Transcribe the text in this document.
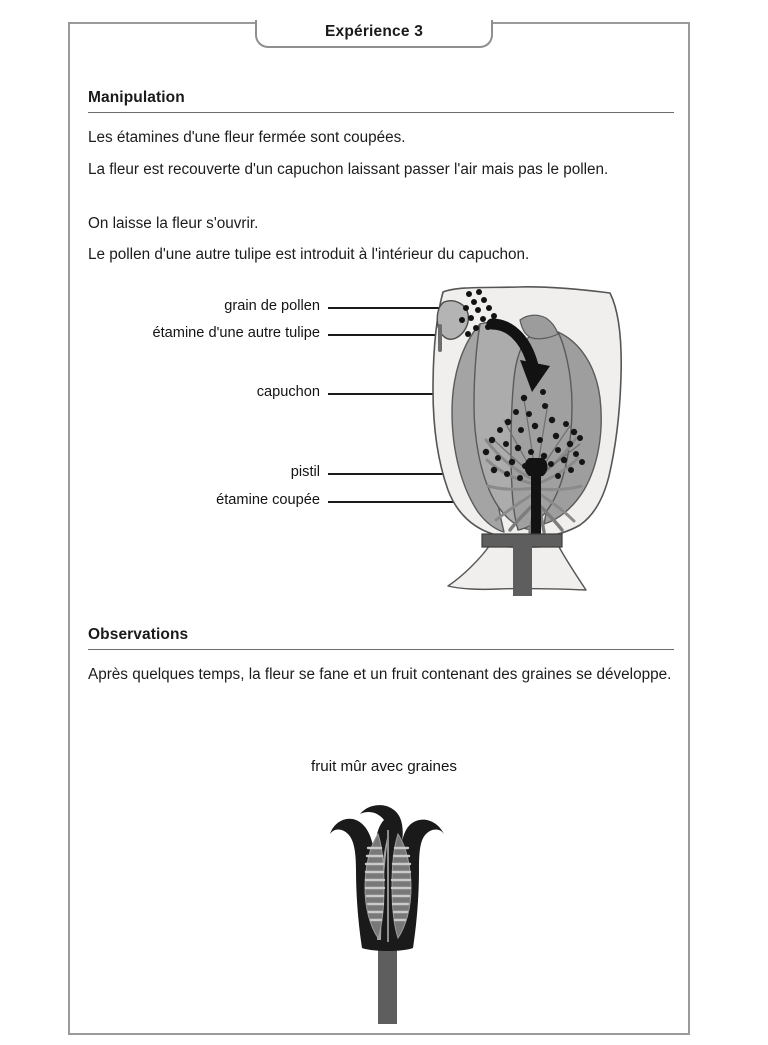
Expérience 3
Manipulation
Les étamines d'une fleur fermée sont coupées.
La fleur est recouverte d'un capuchon laissant passer l'air mais pas le pollen.
On laisse la fleur s'ouvrir.
Le pollen d'une autre tulipe est introduit à l'intérieur du capuchon.
grain de pollen
étamine d'une autre tulipe
capuchon
pistil
étamine coupée
Observations
Après quelques temps, la fleur se fane et un fruit contenant des graines se développe.
fruit mûr avec graines
